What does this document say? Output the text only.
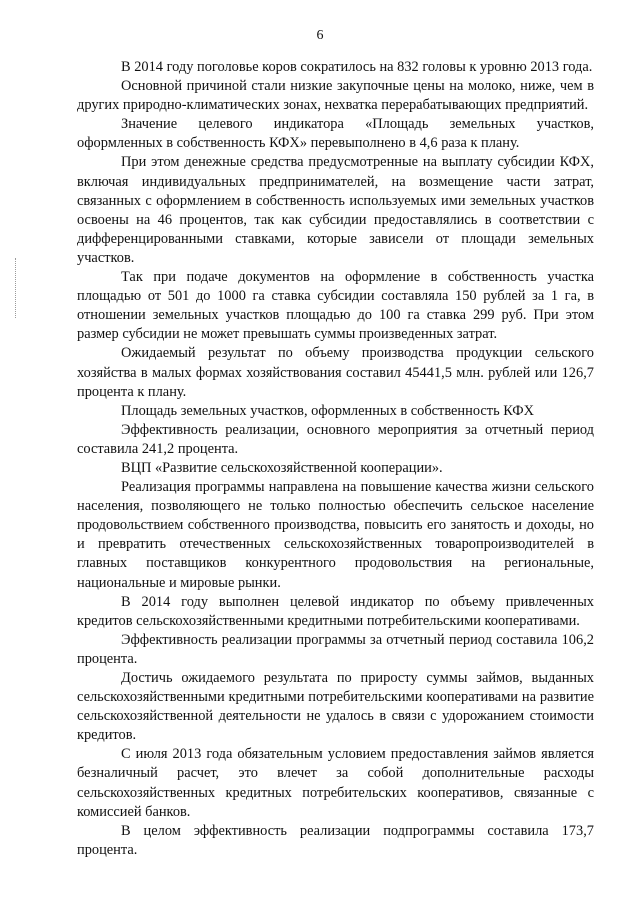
6

В 2014 году поголовье коров сократилось на 832 головы к уровню 2013 года.

Основной причиной стали низкие закупочные цены на молоко, ниже, чем в других природно-климатических зонах, нехватка перерабатывающих предприятий.

Значение целевого индикатора «Площадь земельных участков, оформленных в собственность КФХ» перевыполнено в 4,6 раза к плану.

При этом денежные средства предусмотренные на выплату субсидии КФХ, включая индивидуальных предпринимателей, на возмещение части затрат, связанных с оформлением в собственность используемых ими земельных участков освоены на 46 процентов, так как субсидии предоставлялись в соответствии с дифференцированными ставками, которые зависели от площади земельных участков.

Так при подаче документов на оформление в собственность участка площадью от 501 до 1000 га ставка субсидии составляла 150 рублей за 1 га, в отношении земельных участков площадью до 100 га ставка 299 руб. При этом размер субсидии не может превышать суммы произведенных затрат.

Ожидаемый результат по объему производства продукции сельского хозяйства в малых формах хозяйствования составил 45441,5 млн. рублей или 126,7 процента к плану.

Площадь земельных участков, оформленных в собственность КФХ

Эффективность реализации, основного мероприятия за отчетный период составила 241,2 процента.

ВЦП «Развитие сельскохозяйственной кооперации».

Реализация программы направлена на повышение качества жизни сельского населения, позволяющего не только полностью обеспечить сельское население продовольствием собственного производства, повысить его занятость и доходы, но и превратить отечественных сельскохозяйственных товаропроизводителей в главных поставщиков конкурентного продовольствия на региональные, национальные и мировые рынки.

В 2014 году выполнен целевой индикатор по объему привлеченных кредитов сельскохозяйственными кредитными потребительскими кооперативами.

Эффективность реализации программы за отчетный период составила 106,2 процента.

Достичь ожидаемого результата по приросту суммы займов, выданных сельскохозяйственными кредитными потребительскими кооперативами на развитие сельскохозяйственной деятельности не удалось в связи с удорожанием стоимости кредитов.

С июля 2013 года обязательным условием предоставления займов является безналичный расчет, это влечет за собой дополнительные расходы сельскохозяйственных кредитных потребительских кооперативов, связанные с комиссией банков.

В целом эффективность реализации подпрограммы составила 173,7 процента.
